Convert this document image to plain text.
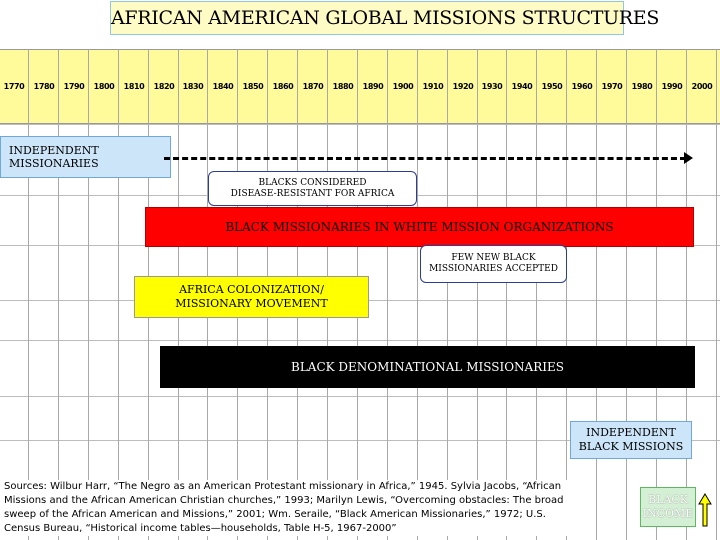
AFRICAN AMERICAN GLOBAL MISSIONS STRUCTURES
1770	1780	1790	1800	1810	1820	1830	1840	1850	1860	1870	1880	1890	1900	1910	1920	1930	1940	1950	1960	1970	1980	1990	2000
INDEPENDENT
MISSIONARIES
BLACK MISSIONARIES IN WHITE MISSION ORGANIZATIONS
BLACKS CONSIDERED
DISEASE-RESISTANT FOR AFRICA
FEW NEW BLACK
MISSIONARIES ACCEPTED
AFRICA COLONIZATION/
MISSIONARY MOVEMENT
BLACK DENOMINATIONAL MISSIONARIES
INDEPENDENT
BLACK MISSIONS
Sources: Wilbur Harr, “The Negro as an American Protestant missionary in Africa,” 1945. Sylvia Jacobs, “African Missions and the African American Christian churches,” 1993; Marilyn Lewis, “Overcoming obstacles: The broad sweep of the African American and Missions,” 2001; Wm. Seraile, “Black American Missionaries,” 1972; U.S. Census Bureau, “Historical income tables—households, Table H-5, 1967-2000”
BLACK
INCOME
